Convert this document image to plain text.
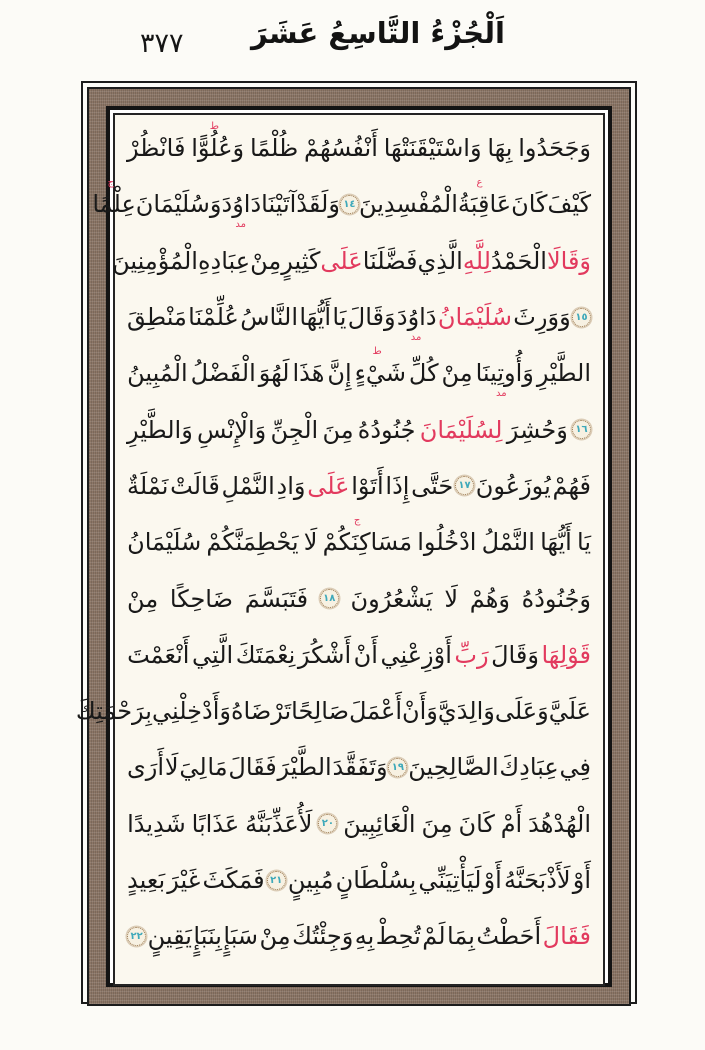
٣٧٧	اَلْجُزْءُ التَّاسِعُ عَشَرَ
وَجَحَدُوا
بِهَا
وَاسْتَيْقَنَتْهَا
أَنْفُسُهُمْ
ظُلْمًا
وَعُلُوًّا
ط
فَانْظُرْ
كَيْفَ
كَانَ
عَاقِبَةُ
ع
الْمُفْسِدِينَ
١٤
وَلَقَدْ
آتَيْنَا
دَاوُدَ
مد
وَسُلَيْمَانَ
عِلْمًا
ج
وَقَالَا
الْحَمْدُ
لِلَّهِ
الَّذِي
فَضَّلَنَا
عَلَى
كَثِيرٍ
مِنْ
عِبَادِهِ
الْمُؤْمِنِينَ
١٥
وَوَرِثَ
سُلَيْمَانُ
دَاوُدَ
مد
وَقَالَ
يَا
أَيُّهَا
النَّاسُ
عُلِّمْنَا
مَنْطِقَ
الطَّيْرِ
وَأُوتِينَا
مد
مِنْ
كُلِّ
شَيْءٍ
ط
إِنَّ
هَذَا
لَهُوَ
الْفَضْلُ
الْمُبِينُ
١٦
وَحُشِرَ
لِسُلَيْمَانَ
جُنُودُهُ
مِنَ
الْجِنِّ
وَالْإِنْسِ
وَالطَّيْرِ
فَهُمْ
يُوزَعُونَ
١٧
حَتَّى
إِذَا
أَتَوْا
عَلَى
وَادِ
النَّمْلِ
قَالَتْ
نَمْلَةٌ
يَا
أَيُّهَا
النَّمْلُ
ادْخُلُوا
مَسَاكِنَكُمْ
ج
لَا
يَحْطِمَنَّكُمْ
سُلَيْمَانُ
وَجُنُودُهُ
وَهُمْ
لَا
يَشْعُرُونَ
١٨
فَتَبَسَّمَ
ضَاحِكًا
مِنْ
قَوْلِهَا
وَقَالَ
رَبِّ
أَوْزِعْنِي
أَنْ
أَشْكُرَ
نِعْمَتَكَ
الَّتِي
أَنْعَمْتَ
عَلَيَّ
وَعَلَى
وَالِدَيَّ
وَأَنْ
أَعْمَلَ
صَالِحًا
تَرْضَاهُ
وَأَدْخِلْنِي
بِرَحْمَتِكَ
فِي
عِبَادِكَ
الصَّالِحِينَ
١٩
وَتَفَقَّدَ
الطَّيْرَ
فَقَالَ
مَا
لِيَ
لَا
أَرَى
الْهُدْهُدَ
أَمْ
كَانَ
مِنَ
الْغَائِبِينَ
٢٠
لَأُعَذِّبَنَّهُ
عَذَابًا
شَدِيدًا
أَوْ
لَأَذْبَحَنَّهُ
أَوْ
لَيَأْتِيَنِّي
بِسُلْطَانٍ
مُبِينٍ
٢١
فَمَكَثَ
غَيْرَ
بَعِيدٍ
فَقَالَ
أَحَطْتُ
بِمَا
لَمْ
تُحِطْ
بِهِ
وَجِئْتُكَ
مِنْ
سَبَإٍ
بِنَبَإٍ
يَقِينٍ
٢٢
